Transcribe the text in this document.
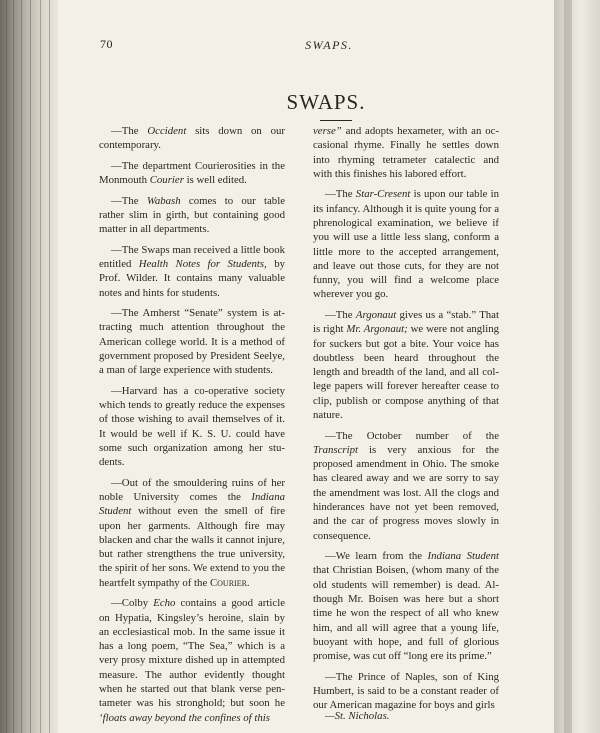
70	SWAPS.
SWAPS.

—The Occident sits down on our contemporary.

—The department Courierosities in the Monmouth Courier is well edited.

—The Wabash comes to our table rather slim in girth, but containing good matter in all departments.

—The Swaps man received a little book entitled Health Notes for Students, by Prof. Wilder. It contains many valuable notes and hints for students.

—The Amherst “Senate” system is attracting much attention throughout the American college world. It is a method of government proposed by President Seelye, a man of large experience with students.

—Harvard has a co-operative society which tends to greatly reduce the expenses of those wishing to avail themselves of it. It would be well if K. S. U. could have some such organization among her students.

—Out of the smouldering ruins of her noble University comes the Indiana Student without even the smell of fire upon her garments. Although fire may blacken and char the walls it cannot injure, but rather strengthens the true university, the spirit of her sons. We extend to you the heartfelt sympathy of the Courier.

—Colby Echo contains a good article on Hypatia, Kingsley’s heroine, slain by an ecclesiastical mob. In the same issue it has a long poem, “The Sea,” which is a very prosy mixture dished up in attempted measure. The author evidently thought when he started out that blank verse pentameter was his stronghold; but soon he ‘floats away beyond the confines of this

verse” and adopts hexameter, with an occasional rhyme. Finally he settles down into rhyming tetrameter catalectic and with this finishes his labored effort.

—The Star-Cresent is upon our table in its infancy. Although it is quite young for a phrenological examination, we believe if you will use a little less slang, conform a little more to the accepted arrangement, and leave out those cuts, for they are not funny, you will find a welcome place wherever you go.

—The Argonaut gives us a “stab.” That is right Mr. Argonaut; we were not angling for suckers but got a bite. Your voice has doubtless been heard throughout the length and breadth of the land, and all college papers will forever hereafter cease to clip, publish or compose anything of that nature.

—The October number of the Transcript is very anxious for the proposed amendment in Ohio. The smoke has cleared away and we are sorry to say the amendment was lost. All the clogs and hinderances have not yet been removed, and the car of progress moves slowly in consequence.

—We learn from the Indiana Student that Christian Boisen, (whom many of the old students will remember) is dead. Although Mr. Boisen was here but a short time he won the respect of all who knew him, and all will agree that a young life, buoyant with hope, and full of glorious promise, was cut off “long ere its prime.”

—The Prince of Naples, son of King Humbert, is said to be a constant reader of our American magazine for boys and girls
—St. Nicholas.
